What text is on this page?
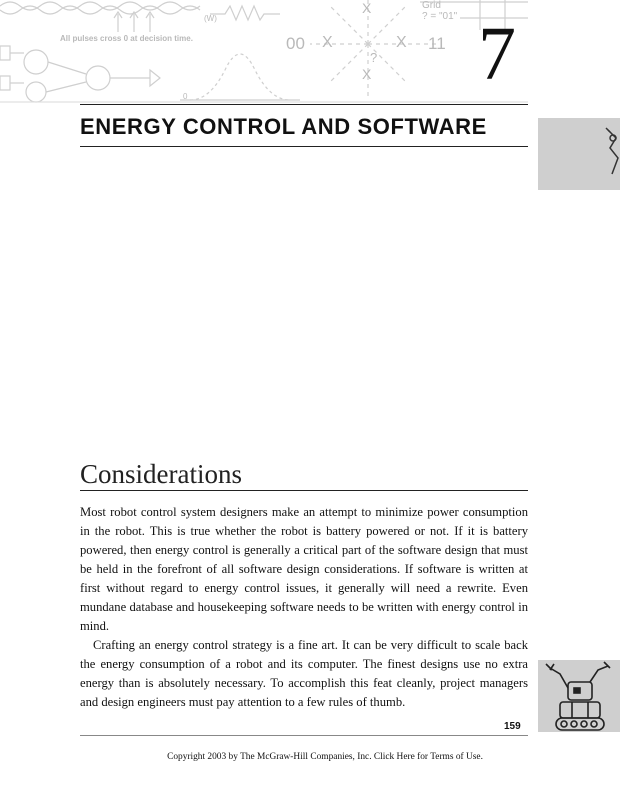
All pulses cross 0 at decision time.
(W)
Grid
? = "01"
00	11
X	X
X
X
?
0
7
ENERGY CONTROL AND SOFTWARE
Considerations

Most robot control system designers make an attempt to minimize power consumption in the robot. This is true whether the robot is battery powered or not. If it is battery powered, then energy control is generally a critical part of the software design that must be held in the forefront of all software design considerations. If software is written at first without regard to energy control issues, it generally will need a rewrite. Even mundane database and housekeeping software needs to be written with energy control in mind.

Crafting an energy control strategy is a fine art. It can be very difficult to scale back the energy consumption of a robot and its computer. The finest designs use no extra energy than is absolutely necessary. To accomplish this feat cleanly, project managers and design engineers must pay attention to a few rules of thumb.

159
Copyright 2003 by The McGraw-Hill Companies, Inc. Click Here for Terms of Use.
